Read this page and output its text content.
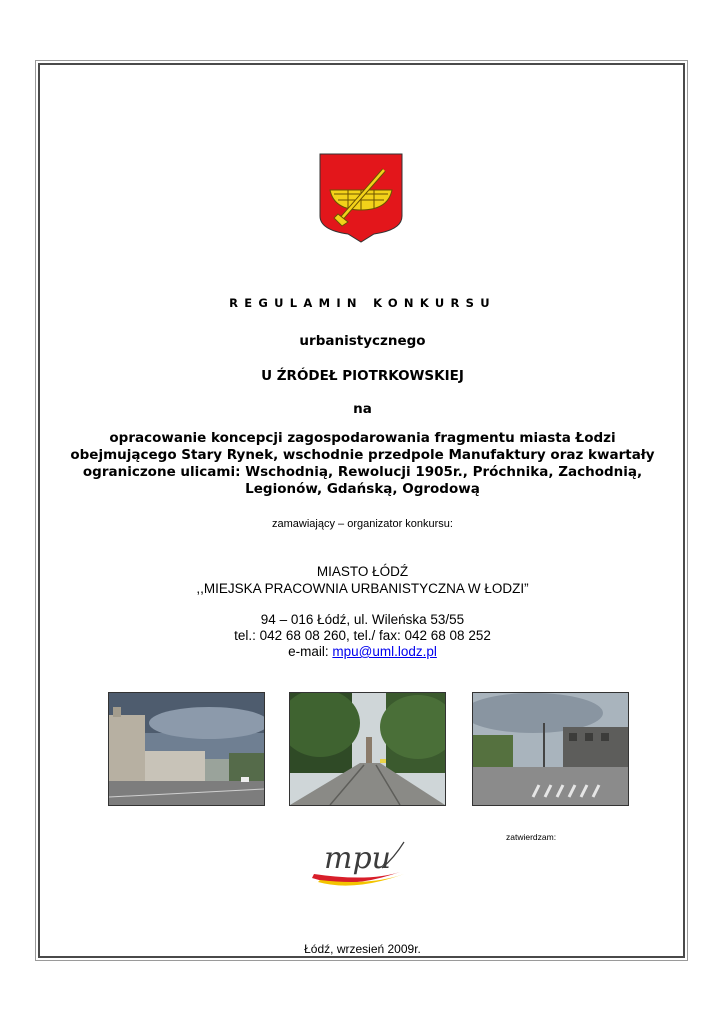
REGULAMIN KONKURSU
urbanistycznego
U ŹRÓDEŁ PIOTRKOWSKIEJ
na
opracowanie koncepcji zagospodarowania fragmentu miasta Łodzi obejmującego Stary Rynek, wschodnie przedpole Manufaktury oraz kwartały ograniczone ulicami: Wschodnią, Rewolucji 1905r., Próchnika, Zachodnią, Legionów, Gdańską, Ogrodową
zamawiający – organizator konkursu:
MIASTO ŁÓDŹ
,,MIEJSKA PRACOWNIA URBANISTYCZNA W ŁODZI”
94 – 016 Łódź, ul. Wileńska 53/55
tel.: 042 68 08 260, tel./ fax: 042 68 08 252
e-mail: mpu@uml.lodz.pl
zatwierdzam:
mpu
Łódź, wrzesień 2009r.
